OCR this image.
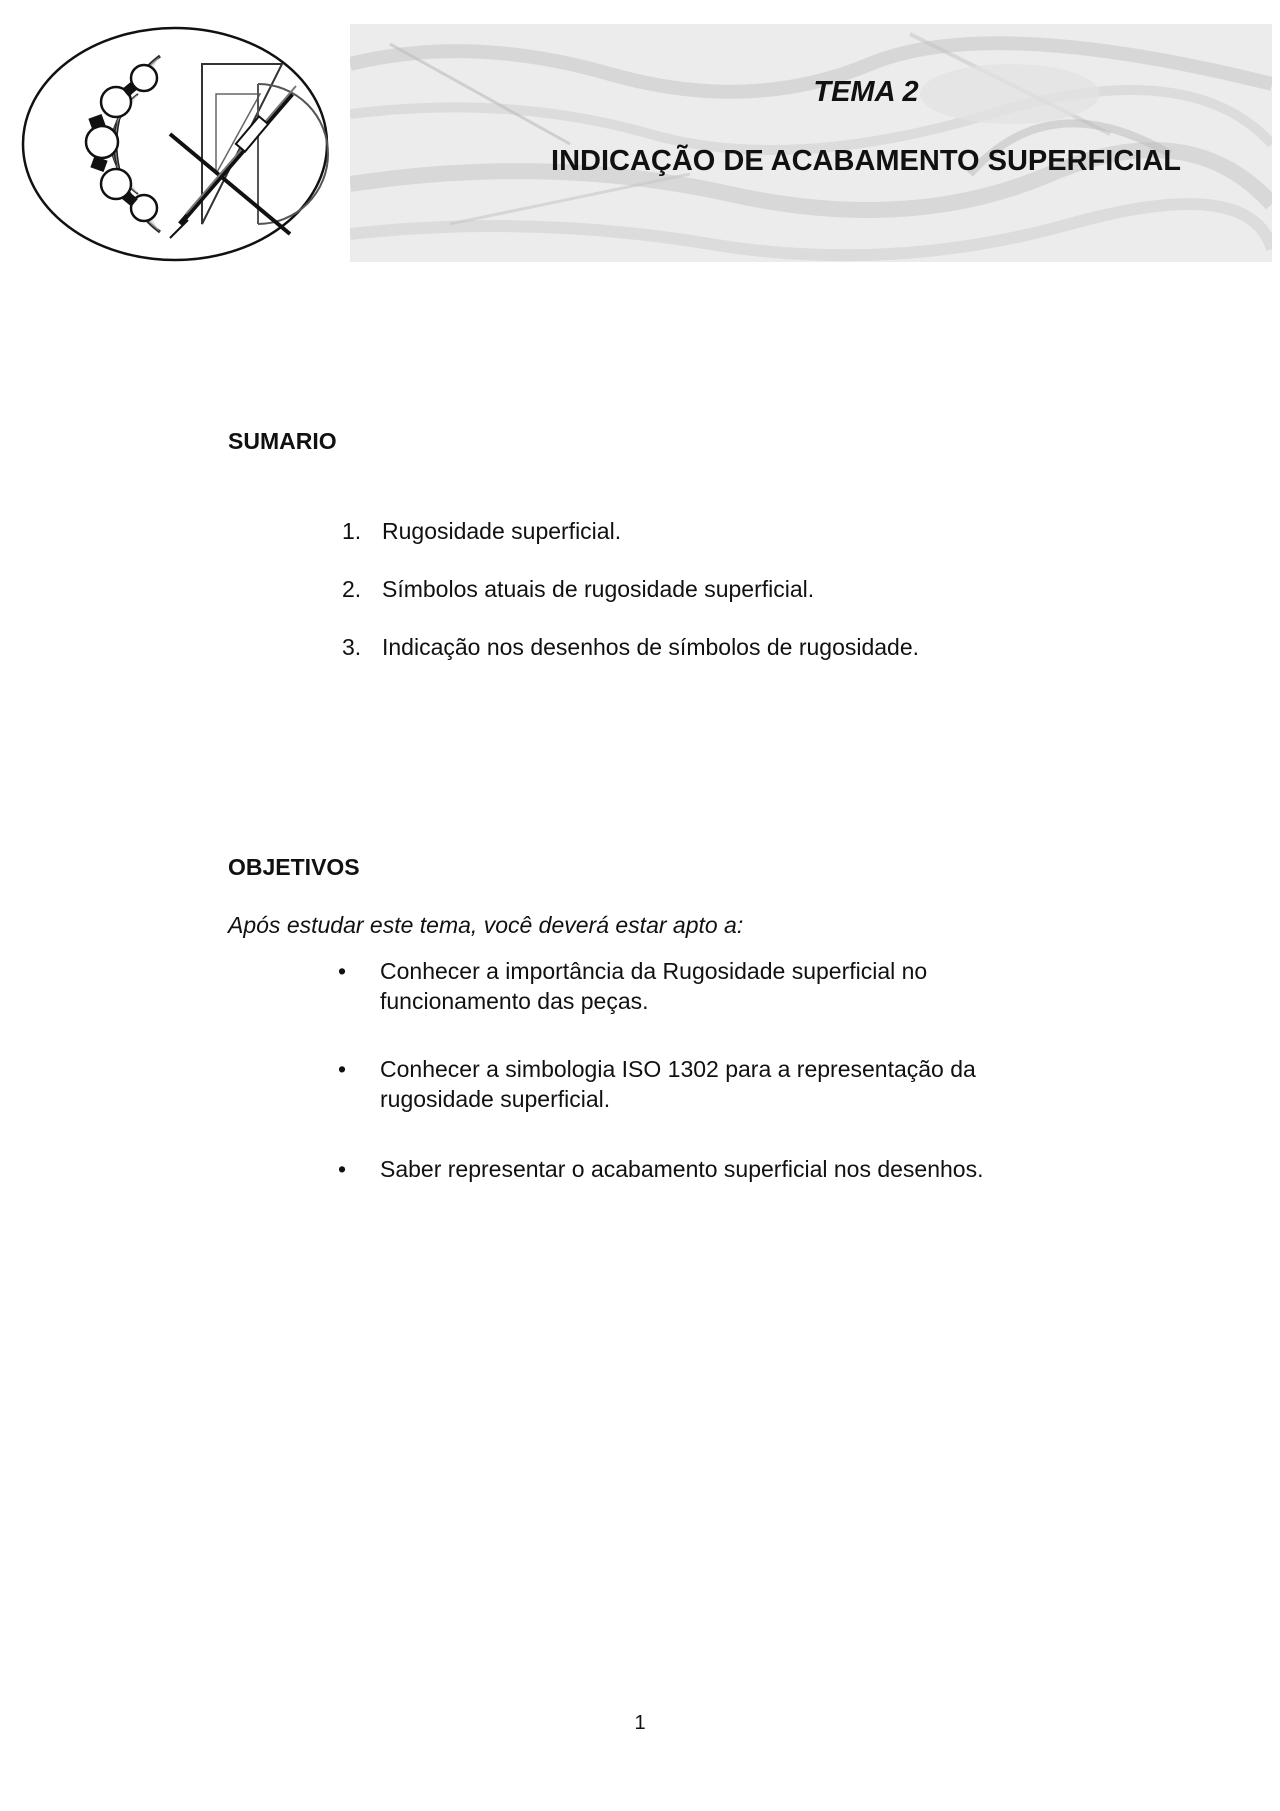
TEMA 2
INDICAÇÃO DE ACABAMENTO SUPERFICIAL
SUMARIO
1. Rugosidade superficial.
2. Símbolos atuais de rugosidade superficial.
3. Indicação nos desenhos de símbolos de rugosidade.
OBJETIVOS
Após estudar este tema, você deverá estar apto a:
• Conhecer a importância da Rugosidade superficial no
funcionamento das peças.
• Conhecer a simbologia ISO 1302 para a representação da
rugosidade superficial.
• Saber representar o acabamento superficial nos desenhos.
1
